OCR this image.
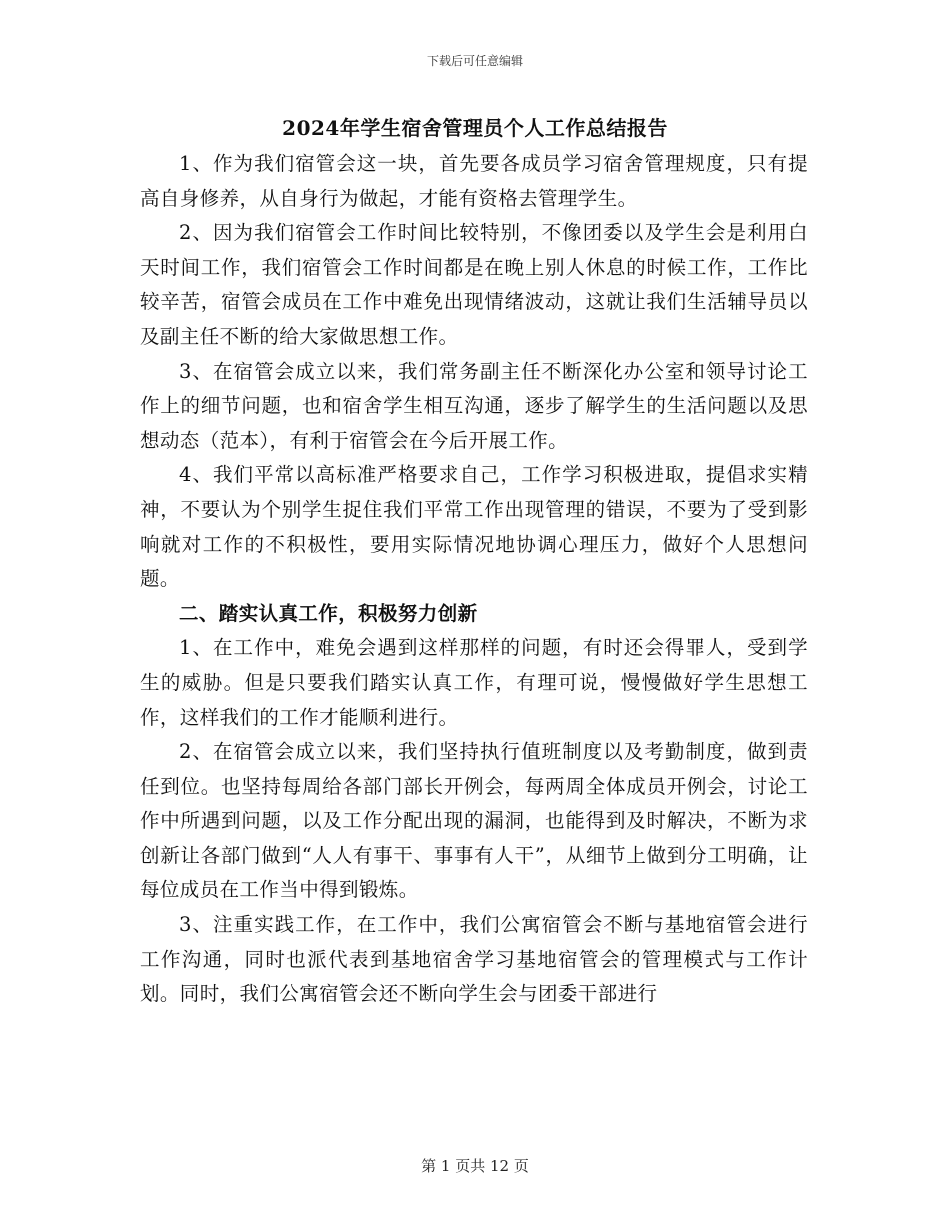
下载后可任意编辑
2024年学生宿舍管理员个人工作总结报告

1、作为我们宿管会这一块，首先要各成员学习宿舍管理规度，只有提高自身修养，从自身行为做起，才能有资格去管理学生。

2、因为我们宿管会工作时间比较特别，不像团委以及学生会是利用白天时间工作，我们宿管会工作时间都是在晚上别人休息的时候工作，工作比较辛苦，宿管会成员在工作中难免出现情绪波动，这就让我们生活辅导员以及副主任不断的给大家做思想工作。

3、在宿管会成立以来，我们常务副主任不断深化办公室和领导讨论工作上的细节问题，也和宿舍学生相互沟通，逐步了解学生的生活问题以及思想动态（范本），有利于宿管会在今后开展工作。

4、我们平常以高标准严格要求自己，工作学习积极进取，提倡求实精神，不要认为个别学生捉住我们平常工作出现管理的错误，不要为了受到影响就对工作的不积极性，要用实际情况地协调心理压力，做好个人思想问题。

二、踏实认真工作，积极努力创新

1、在工作中，难免会遇到这样那样的问题，有时还会得罪人，受到学生的威胁。但是只要我们踏实认真工作，有理可说，慢慢做好学生思想工作，这样我们的工作才能顺利进行。

2、在宿管会成立以来，我们坚持执行值班制度以及考勤制度，做到责任到位。也坚持每周给各部门部长开例会，每两周全体成员开例会，讨论工作中所遇到问题，以及工作分配出现的漏洞，也能得到及时解决，不断为求创新让各部门做到“人人有事干、事事有人干”，从细节上做到分工明确，让每位成员在工作当中得到锻炼。

3、注重实践工作，在工作中，我们公寓宿管会不断与基地宿管会进行工作沟通，同时也派代表到基地宿舍学习基地宿管会的管理模式与工作计划。同时，我们公寓宿管会还不断向学生会与团委干部进行

第 1 页共 12 页
